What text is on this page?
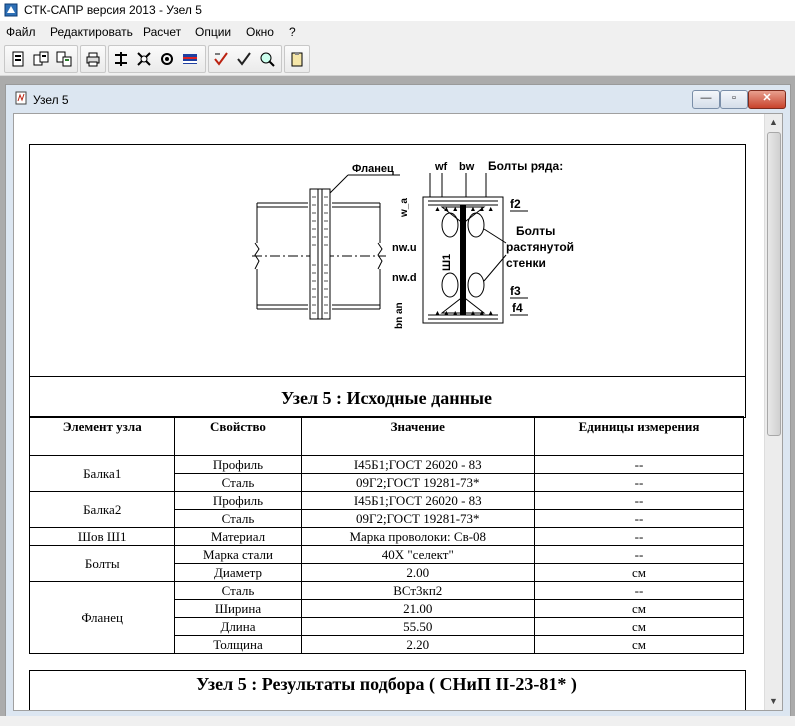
СТК-САПР версия 2013 - Узел 5
Файл Редактировать Расчет Опции Окно ?
Узел 5	—	▫	✕
Фланец
▲ ▲ ▲ ▲ ▲ ▲ ▲
▲ ▲ ▲ ▲ ▲ ▲ ▲
wf bw Болты ряда:
w_a	f2
Болты
растянутой
стенки
nw.u
nw.d
Ш1
f3
f4
bn an
Узел 5 : Исходные данные
Элемент узла	Свойство	Значение	Единицы измерения
Балка1	Профиль	I45Б1;ГОСТ 26020 - 83	--
	Сталь	09Г2;ГОСТ 19281-73*	--
Балка2	Профиль	I45Б1;ГОСТ 26020 - 83	--
	Сталь	09Г2;ГОСТ 19281-73*	--
Шов Ш1	Материал	Марка проволоки: Св-08	--
Болты	Марка стали	40Х "селект"	--
	Диаметр	2.00	см
Фланец	Сталь	ВСт3кп2	--
	Ширина	21.00	см
	Длина	55.50	см
	Толщина	2.20	см
Узел 5 : Результаты подбора ( СНиП II-23-81* )
▲
▼
